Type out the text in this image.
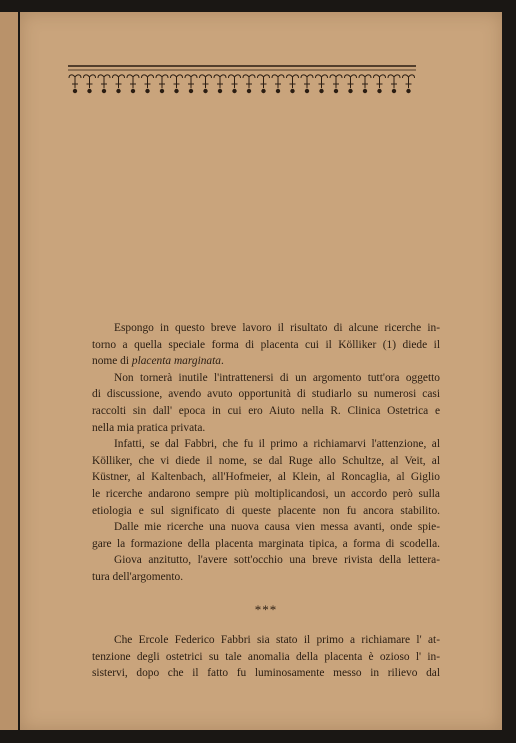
Espongo in questo breve lavoro il risultato di alcune ricerche in-
torno a quella speciale forma di placenta cui il Kölliker (1) diede il
nome di placenta marginata.
Non tornerà inutile l'intrattenersi di un argomento tutt'ora oggetto
di discussione, avendo avuto opportunità di studiarlo su numerosi casi
raccolti sin dall' epoca in cui ero Aiuto nella R. Clinica Ostetrica e
nella mia pratica privata.
Infatti, se dal Fabbri, che fu il primo a richiamarvi l'attenzione, al
Kölliker, che vi diede il nome, se dal Ruge allo Schultze, al Veit, al
Küstner, al Kaltenbach, all'Hofmeier, al Klein, al Roncaglia, al Giglio
le ricerche andarono sempre più moltiplicandosi, un accordo però sulla
etiologia e sul significato di queste placente non fu ancora stabilito.
Dalle mie ricerche una nuova causa vien messa avanti, onde spie-
gare la formazione della placenta marginata tipica, a forma di scodella.
Giova anzitutto, l'avere sott'occhio una breve rivista della lettera-
tura dell'argomento.
***
Che Ercole Federico Fabbri sia stato il primo a richiamare l' at-
tenzione degli ostetrici su tale anomalia della placenta è ozioso l' in-
sistervi, dopo che il fatto fu luminosamente messo in rilievo dal
